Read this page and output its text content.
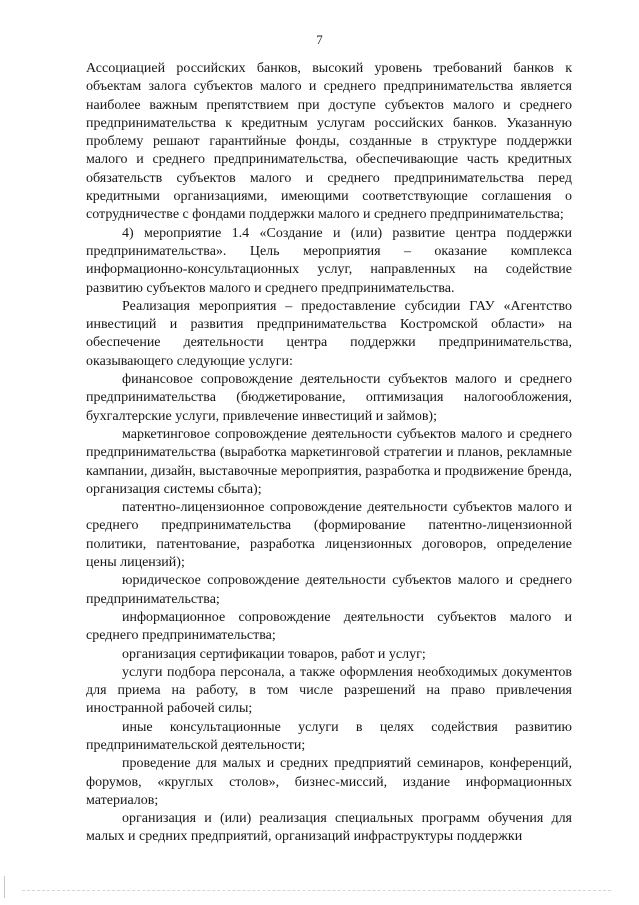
7

Ассоциацией российских банков, высокий уровень требований банков к объектам залога субъектов малого и среднего предпринимательства является наиболее важным препятствием при доступе субъектов малого и среднего предпринимательства к кредитным услугам российских банков. Указанную проблему решают гарантийные фонды, созданные в структуре поддержки малого и среднего предпринимательства, обеспечивающие часть кредитных обязательств субъектов малого и среднего предпринимательства перед кредитными организациями, имеющими соответствующие соглашения о сотрудничестве с фондами поддержки малого и среднего предпринимательства;

4) мероприятие 1.4 «Создание и (или) развитие центра поддержки предпринимательства». Цель мероприятия – оказание комплекса информационно-консультационных услуг, направленных на содействие развитию субъектов малого и среднего предпринимательства.

Реализация мероприятия – предоставление субсидии ГАУ «Агентство инвестиций и развития предпринимательства Костромской области» на обеспечение деятельности центра поддержки предпринимательства, оказывающего следующие услуги:

финансовое сопровождение деятельности субъектов малого и среднего предпринимательства (бюджетирование, оптимизация налогообложения, бухгалтерские услуги, привлечение инвестиций и займов);

маркетинговое сопровождение деятельности субъектов малого и среднего предпринимательства (выработка маркетинговой стратегии и планов, рекламные кампании, дизайн, выставочные мероприятия, разработка и продвижение бренда, организация системы сбыта);

патентно-лицензионное сопровождение деятельности субъектов малого и среднего предпринимательства (формирование патентно-лицензионной политики, патентование, разработка лицензионных договоров, определение цены лицензий);

юридическое сопровождение деятельности субъектов малого и среднего предпринимательства;

информационное сопровождение деятельности субъектов малого и среднего предпринимательства;

организация сертификации товаров, работ и услуг;

услуги подбора персонала, а также оформления необходимых документов для приема на работу, в том числе разрешений на право привлечения иностранной рабочей силы;

иные консультационные услуги в целях содействия развитию предпринимательской деятельности;

проведение для малых и средних предприятий семинаров, конференций, форумов, «круглых столов», бизнес-миссий, издание информационных материалов;

организация и (или) реализация специальных программ обучения для малых и средних предприятий, организаций инфраструктуры поддержки
